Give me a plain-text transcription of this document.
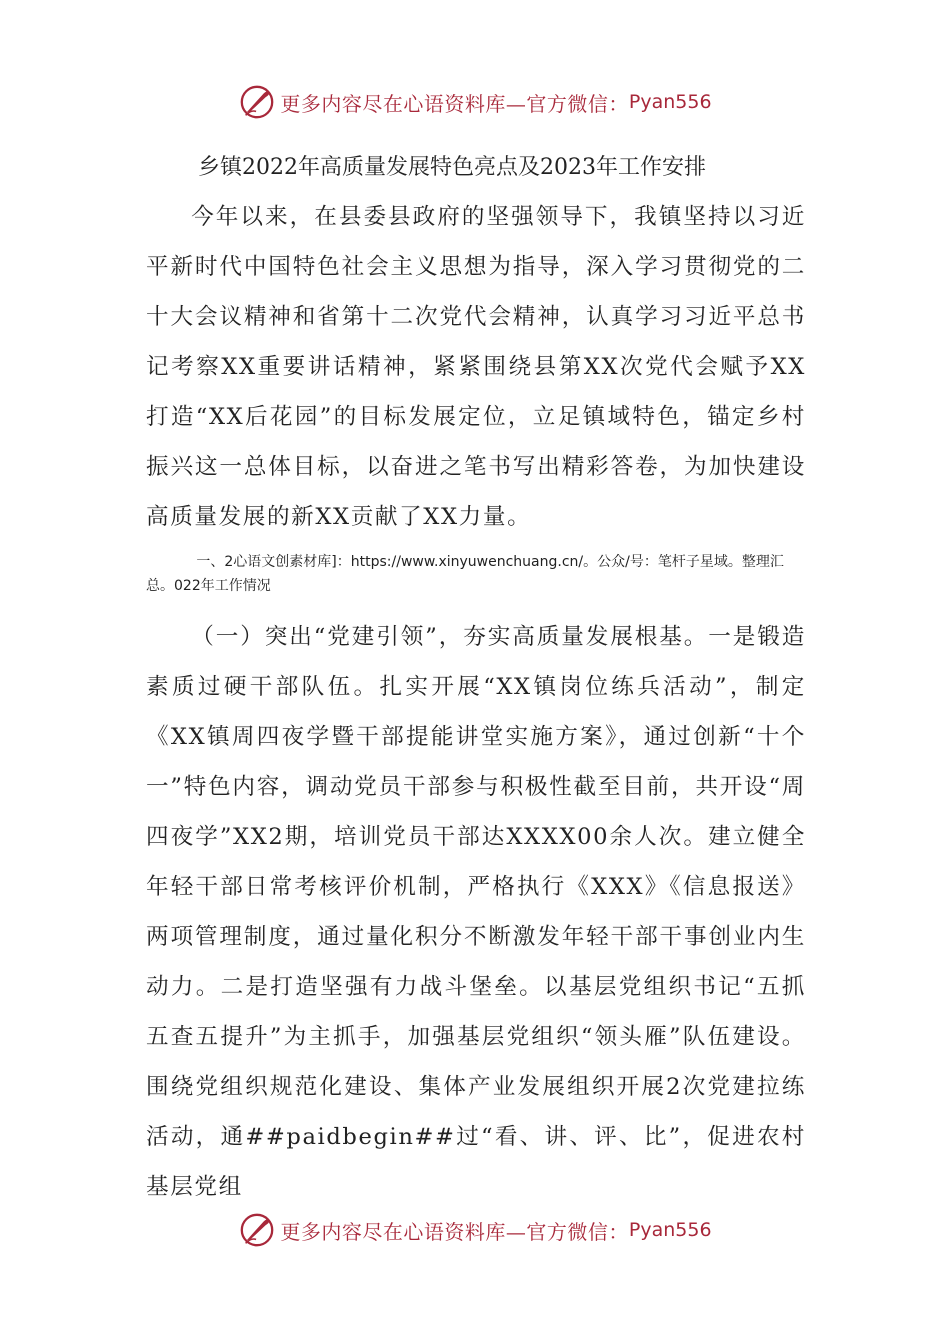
更多内容尽在心语资料库—官方微信： Pyan556
乡镇2022年高质量发展特色亮点及2023年工作安排

今年以来，在县委县政府的坚强领导下，我镇坚持以习近平新时代中国特色社会主义思想为指导，深入学习贯彻党的二十大会议精神和省第十二次党代会精神，认真学习习近平总书记考察XX重要讲话精神，紧紧围绕县第XX次党代会赋予XX打造“XX后花园”的目标发展定位，立足镇域特色，锚定乡村振兴这一总体目标，以奋进之笔书写出精彩答卷，为加快建设高质量发展的新XX贡献了XX力量。

一、2心语文创素材库]：https://www.xinyuwenchuang.cn/。公众/号：笔杆子星域。整理汇总。022年工作情况

（一）突出“党建引领”，夯实高质量发展根基。一是锻造素质过硬干部队伍。扎实开展“XX镇岗位练兵活动”，制定《XX镇周四夜学暨干部提能讲堂实施方案》，通过创新“十个一”特色内容，调动党员干部参与积极性截至目前，共开设“周四夜学”XX2期，培训党员干部达XXXX00余人次。建立健全年轻干部日常考核评价机制，严格执行《XXX》《信息报送》两项管理制度，通过量化积分不断激发年轻干部干事创业内生动力。二是打造坚强有力战斗堡垒。以基层党组织书记“五抓五查五提升”为主抓手，加强基层党组织“领头雁”队伍建设。围绕党组织规范化建设、集体产业发展组织开展2次党建拉练活动，通##paidbegin##过“看、讲、评、比”，促进农村基层党组

更多内容尽在心语资料库—官方微信： Pyan556
